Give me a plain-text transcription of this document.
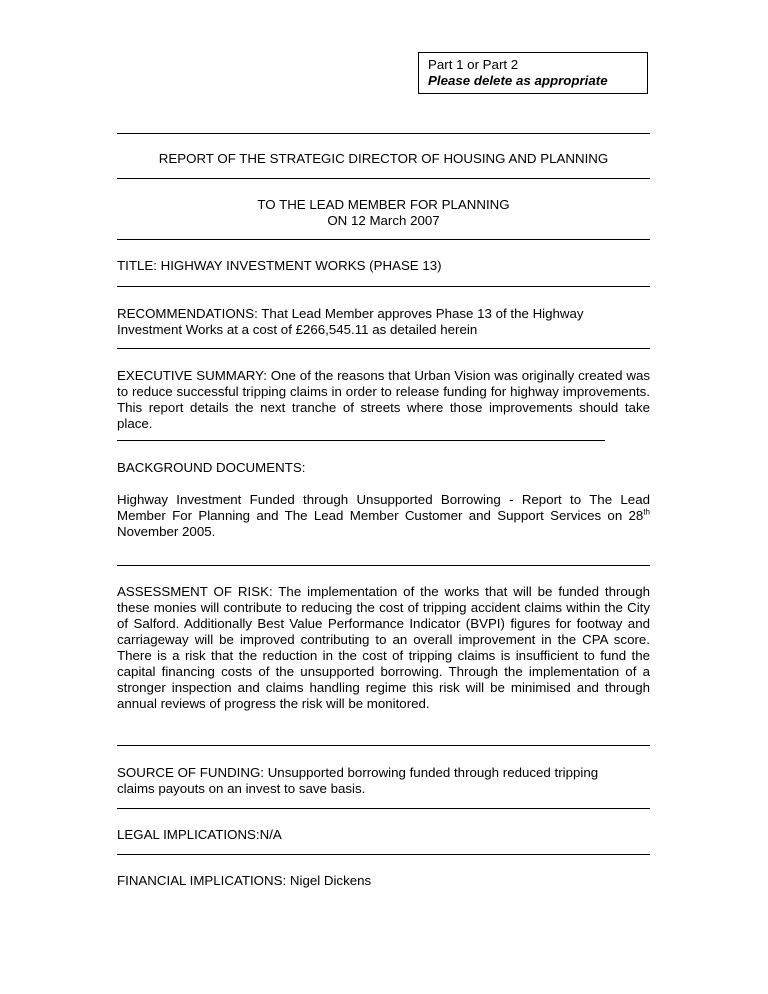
Part 1 or Part 2
Please delete as appropriate
REPORT OF THE STRATEGIC DIRECTOR OF HOUSING AND PLANNING
TO THE LEAD MEMBER FOR PLANNING
ON 12 March 2007
TITLE: HIGHWAY INVESTMENT WORKS (PHASE 13)
RECOMMENDATIONS: That Lead Member approves Phase 13 of the Highway
Investment Works at a cost of £266,545.11 as detailed herein
EXECUTIVE SUMMARY: One of the reasons that Urban Vision was originally created was to reduce successful tripping claims in order to release funding for highway improvements. This report details the next tranche of streets where those improvements should take place.
BACKGROUND DOCUMENTS:
Highway Investment Funded through Unsupported Borrowing - Report to The Lead Member For Planning and The Lead Member Customer and Support Services on 28th November 2005.
ASSESSMENT OF RISK: The implementation of the works that will be funded through these monies will contribute to reducing the cost of tripping accident claims within the City of Salford. Additionally Best Value Performance Indicator (BVPI) figures for footway and carriageway will be improved contributing to an overall improvement in the CPA score. There is a risk that the reduction in the cost of tripping claims is insufficient to fund the capital financing costs of the unsupported borrowing. Through the implementation of a stronger inspection and claims handling regime this risk will be minimised and through annual reviews of progress the risk will be monitored.
SOURCE OF FUNDING: Unsupported borrowing funded through reduced tripping
claims payouts on an invest to save basis.
LEGAL IMPLICATIONS:N/A
FINANCIAL IMPLICATIONS: Nigel Dickens
